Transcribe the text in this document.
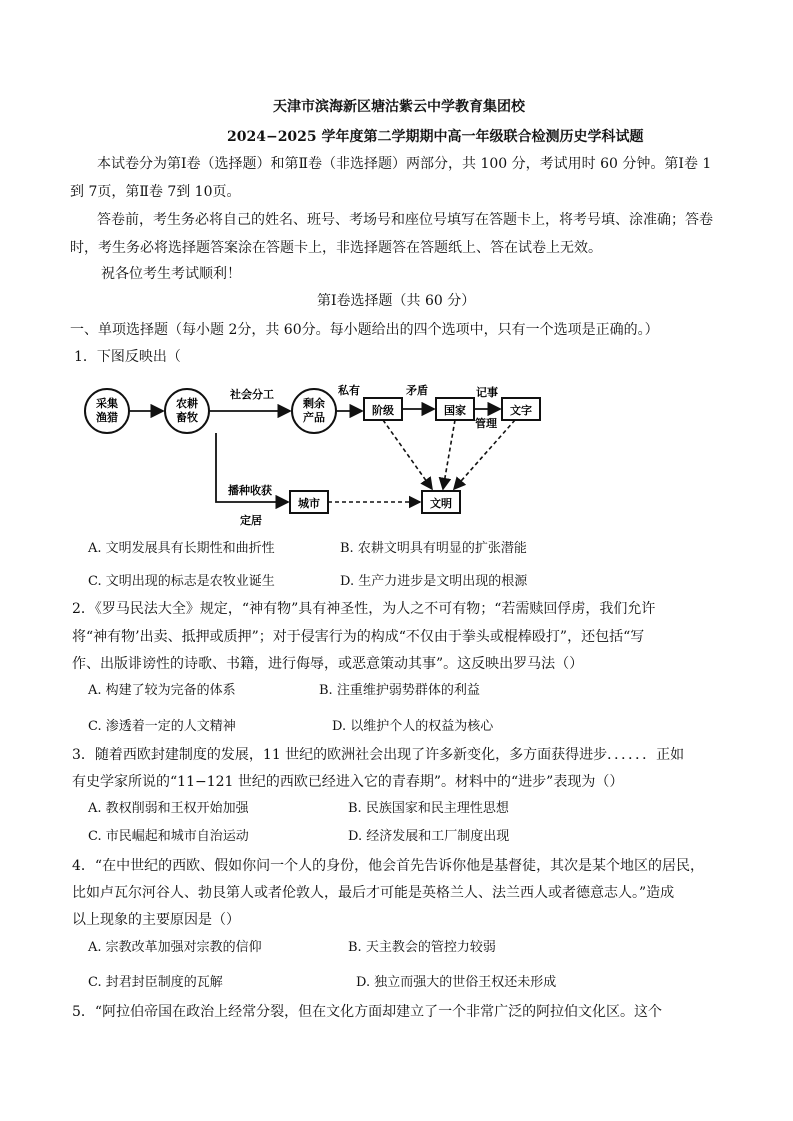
天津市滨海新区塘沽紫云中学教育集团校
2024−2025 学年度第二学期期中高一年级联合检测历史学科试题
本试卷分为第Ⅰ卷（选择题）和第Ⅱ卷（非选择题）两部分，共 100 分，考试用时 60 分钟。第Ⅰ卷 1
到 7页，第Ⅱ卷 7到 10页。
答卷前，考生务必将自己的姓名、班号、考场号和座位号填写在答题卡上，将考号填、涂准确；答卷
时，考生务必将选择题答案涂在答题卡上，非选择题答在答题纸上、答在试卷上无效。
祝各位考生考试顺利！
第Ⅰ卷选择题（共 60 分）
一、单项选择题（每小题 2分，共 60分。每小题给出的四个选项中，只有一个选项是正确的。）
1．下图反映出（
采集
渔猎
农耕
畜牧
剩余
产品
阶级	国家	文字
城市	文明
社会分工	私有	矛盾	记事
管理
播种收获
定居
A. 文明发展具有长期性和曲折性	B. 农耕文明具有明显的扩张潜能
C. 文明出现的标志是农牧业诞生	D. 生产力进步是文明出现的根源
2．《罗马民法大全》规定，“神有物”具有神圣性，为人之不可有物；“若需赎回俘虏，我们允许
将“神有物’出卖、抵押或质押”；对于侵害行为的构成“不仅由于拳头或棍棒殴打”，还包括“写
作、出版诽谤性的诗歌、书籍，进行侮辱，或恶意策动其事”。这反映出罗马法（）
A. 构建了较为完备的体系	B. 注重维护弱势群体的利益
C. 渗透着一定的人文精神	D. 以维护个人的权益为核心
3．随着西欧封建制度的发展，11 世纪的欧洲社会出现了许多新变化，多方面获得进步．．．．．．正如
有史学家所说的“11−121 世纪的西欧已经进入它的青春期”。材料中的“进步”表现为（）
A. 教权削弱和王权开始加强	B. 民族国家和民主理性思想
C. 市民崛起和城市自治运动	D. 经济发展和工厂制度出现
4．“在中世纪的西欧、假如你问一个人的身份，他会首先告诉你他是基督徒，其次是某个地区的居民，
比如卢瓦尔河谷人、勃艮第人或者伦敦人，最后才可能是英格兰人、法兰西人或者德意志人。”造成
以上现象的主要原因是（）
A. 宗教改革加强对宗教的信仰	B. 天主教会的管控力较弱
C. 封君封臣制度的瓦解	D. 独立而强大的世俗王权还未形成
5．“阿拉伯帝国在政治上经常分裂，但在文化方面却建立了一个非常广泛的阿拉伯文化区。这个
